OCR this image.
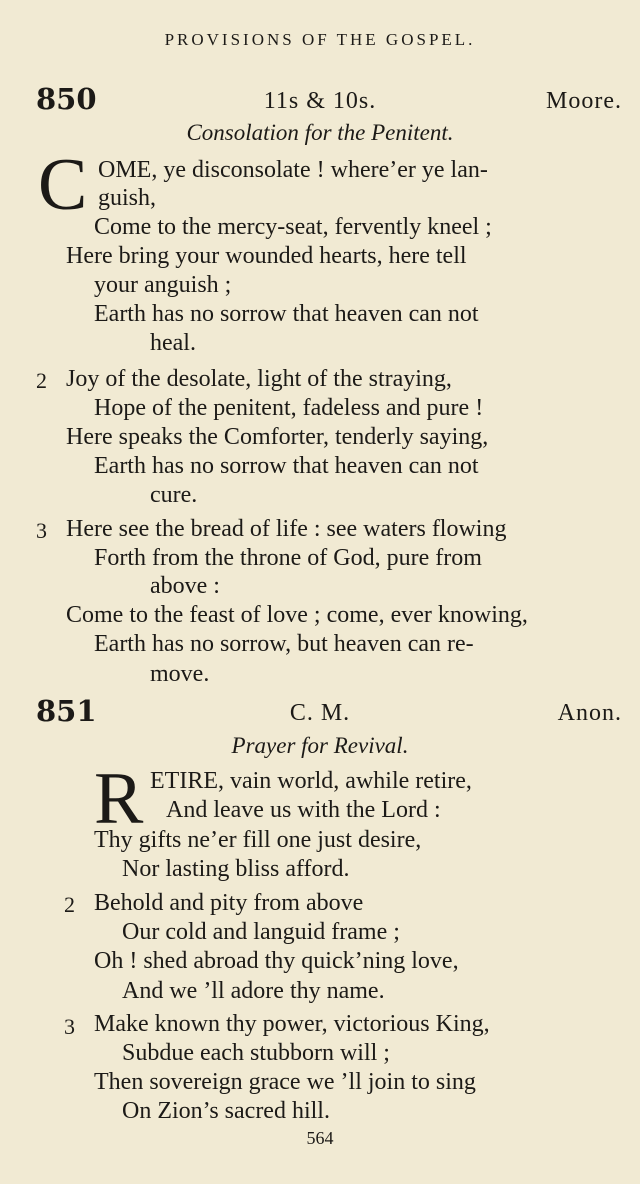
PROVISIONS OF THE GOSPEL.
850	11s & 10s.	Moore.
Consolation for the Penitent.
C OME, ye disconsolate ! where’er ye lan-
guish,
Come to the mercy-seat, fervently kneel ;
Here bring your wounded hearts, here tell
your anguish ;
Earth has no sorrow that heaven can not
heal.
2 Joy of the desolate, light of the straying,
Hope of the penitent, fadeless and pure !
Here speaks the Comforter, tenderly saying,
Earth has no sorrow that heaven can not
cure.
3 Here see the bread of life : see waters flowing
Forth from the throne of God, pure from
above :
Come to the feast of love ; come, ever knowing,
Earth has no sorrow, but heaven can re-
move.
851	C. M.	Anon.
Prayer for Revival.
R ETIRE, vain world, awhile retire,
And leave us with the Lord :
Thy gifts ne’er fill one just desire,
Nor lasting bliss afford.
2 Behold and pity from above
Our cold and languid frame ;
Oh ! shed abroad thy quick’ning love,
And we ’ll adore thy name.
3 Make known thy power, victorious King,
Subdue each stubborn will ;
Then sovereign grace we ’ll join to sing
On Zion’s sacred hill.
564
